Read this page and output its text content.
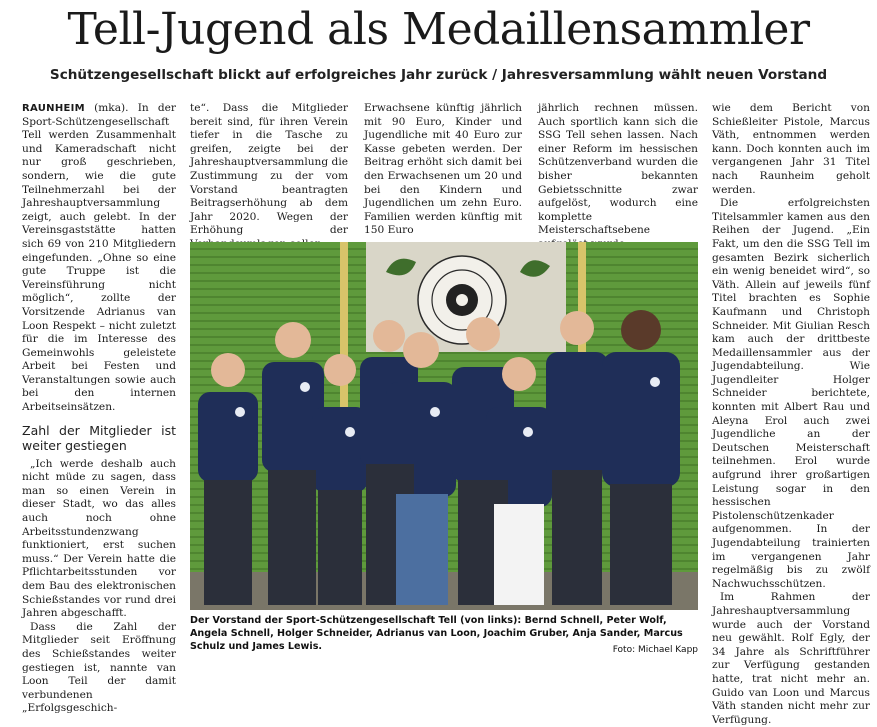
Tell-Jugend als Medaillensammler
Schützengesellschaft blickt auf erfolgreiches Jahr zurück / Jahresversammlung wählt neuen Vorstand

RAUNHEIM (mka). In der Sport-Schützengesellschaft Tell werden Zusammenhalt und Kameradschaft nicht nur groß geschrieben, sondern, wie die gute Teilnehmerzahl bei der Jahreshauptversammlung zeigt, auch gelebt. In der Vereinsgaststätte hatten sich 69 von 210 Mitgliedern eingefunden. „Ohne so eine gute Truppe ist die Vereinsführung nicht möglich“, zollte der Vorsitzende Adrianus van Loon Respekt – nicht zuletzt für die im Interesse des Gemeinwohls geleistete Arbeit bei Festen und Veranstaltungen sowie auch bei den internen Arbeitseinsätzen.

Zahl der Mitglieder ist weiter gestiegen

„Ich werde deshalb auch nicht müde zu sagen, dass man so einen Verein in dieser Stadt, wo das alles auch noch ohne Arbeitsstundenzwang funktioniert, erst suchen muss.“ Der Verein hatte die Pflichtarbeitsstunden vor dem Bau des elektronischen Schießstandes vor rund drei Jahren abgeschafft.

Dass die Zahl der Mitglieder seit Eröffnung des Schießstandes weiter gestiegen ist, nannte van Loon Teil der damit verbundenen „Erfolgsgeschich-

te“. Dass die Mitglieder bereit sind, für ihren Verein tiefer in die Tasche zu greifen, zeigte bei der Jahreshauptversammlung die Zustimmung zu der vom Vorstand beantragten Beitragserhöhung ab dem Jahr 2020. Wegen der Erhöhung der

Erwachsene künftig jährlich mit 90 Euro, Kinder und Jugendliche mit 40 Euro zur Kasse gebeten werden. Der Beitrag erhöht sich damit bei den Erwachsenen um 20 und bei den Kindern und Jugendlichen um zehn Euro. Familien werden künftig mit 150 Euro

jährlich rechnen müssen. Auch sportlich kann sich die SSG Tell sehen lassen. Nach einer Reform im hessischen Schützenverband wurden die bisher bekannten Gebietsschnitte zwar aufgelöst, wodurch eine komplette Meisterschaftsebene

wie dem Bericht von Schießleiter Pistole, Marcus Väth, entnommen werden kann. Doch konnten auch im vergangenen Jahr 31 Titel nach Raunheim geholt werden.

Die erfolgreichsten Titelsammler kamen aus den Reihen der Jugend. „Ein Fakt, um den die SSG Tell im gesamten Bezirk sicherlich ein wenig beneidet wird“, so Väth. Allein auf jeweils fünf Titel brachten es Sophie Kaufmann und Christoph Schneider. Mit Giulian Resch kam auch der drittbeste Medaillensammler aus der Jugendabteilung. Wie Jugendleiter Holger Schneider berichtete, konnten mit Albert Rau und Aleyna Erol auch zwei Jugendliche an der Deutschen Meisterschaft teilnehmen. Erol wurde aufgrund ihrer großartigen Leistung sogar in den hessischen Pistolenschützenkader aufgenommen. In der Jugendabteilung trainierten im vergangenen Jahr regelmäßig bis zu zwölf Nachwuchsschützen.

Im Rahmen der Jahreshauptversammlung wurde auch der Vorstand neu gewählt. Rolf Egly, der 34 Jahre als Schriftführer zur Verfügung gestanden hatte, trat nicht mehr an. Guido van Loon und Marcus Väth standen nicht mehr zur Verfügung.

Der Vorstand der Sport-Schützengesellschaft Tell (von links): Bernd Schnell, Peter Wolf, Angela Schnell, Holger Schneider, Adrianus van Loon, Joachim Gruber, Anja Sander, Marcus Schulz und James Lewis.	Foto: Michael Kapp
